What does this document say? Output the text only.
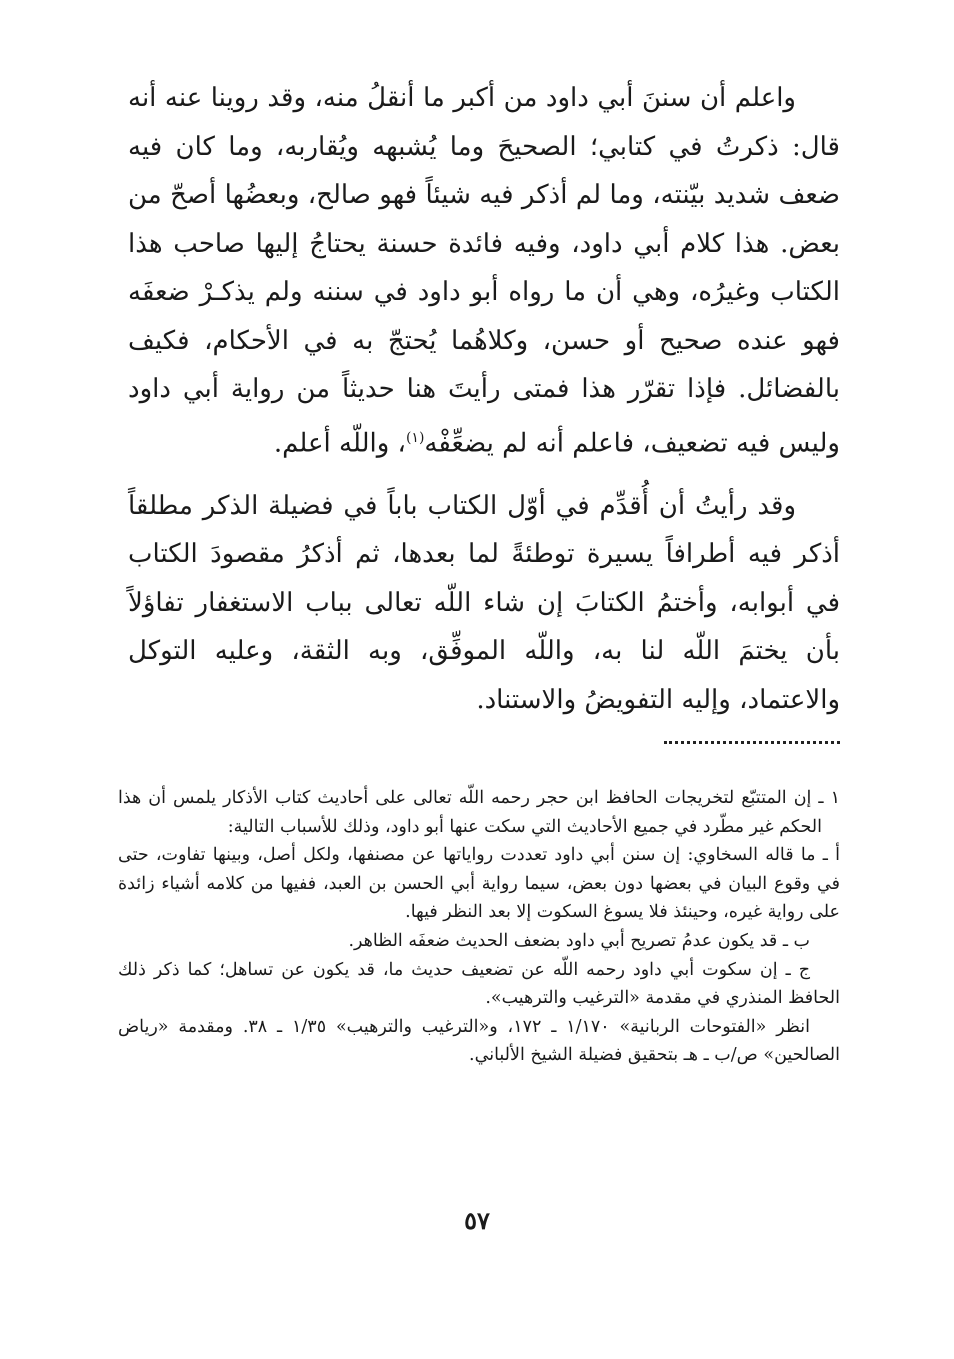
واعلم أن سننَ أبي داود من أكبر ما أنقلُ منه، وقد روينا عنه أنه قال: ذكرتُ في كتابي؛ الصحيحَ وما يُشبهه ويُقاربه، وما كان فيه ضعف شديد بيّنته، وما لم أذكر فيه شيئاً فهو صالح، وبعضُها أصحّ من بعض. هذا كلام أبي داود، وفيه فائدة حسنة يحتاجُ إليها صاحب هذا الكتاب وغيرُه، وهي أن ما رواه أبو داود في سننه ولم يذكـرْ ضعفَه فهو عنده صحيح أو حسن، وكلاهُما يُحتجّ به في الأحكام، فكيف بالفضائل. فإذا تقرّر هذا فمتى رأيتَ هنا حديثاً من رواية أبي داود وليس فيه تضعيف، فاعلم أنه لم يضعِّفْه$^{(١)}$، واللّه أعلم.

وقد رأيتُ أن أُقدِّم في أوّل الكتاب باباً في فضيلة الذكر مطلقاً أذكر فيه أطرافاً يسيرة توطئةً لما بعدها، ثم أذكرُ مقصودَ الكتاب في أبوابه، وأختمُ الكتابَ إن شاء اللّه تعالى بباب الاستغفار تفاؤلاً بأن يختمَ اللّه لنا به، واللّه الموفِّق، وبه الثقة، وعليه التوكل والاعتماد، وإليه التفويضُ والاستناد.

١ ـ إن المتتبّع لتخريجات الحافظ ابن حجر رحمه اللّه تعالى على أحاديث كتاب الأذكار يلمس أن هذا الحكم غير مطّرد في جميع الأحاديث التي سكت عنها أبو داود، وذلك للأسباب التالية:

أ ـ ما قاله السخاوي: إن سنن أبي داود تعددت رواياتها عن مصنفها، ولكل أصل، وبينها تفاوت، حتى في وقوع البيان في بعضها دون بعض، سيما رواية أبي الحسن بن العبد، ففيها من كلامه أشياء زائدة على رواية غيره، وحينئذ فلا يسوغ السكوت إلا بعد النظر فيها.

ب ـ قد يكون عدمُ تصريح أبي داود بضعف الحديث ضعفَه الظاهر.

ج ـ إن سكوت أبي داود رحمه اللّه عن تضعيف حديث ما، قد يكون عن تساهل؛ كما ذكر ذلك الحافظ المنذري في مقدمة «الترغيب والترهيب».

انظر «الفتوحات الربانية» ١/١٧٠ ـ ١٧٢، و«الترغيب والترهيب» ١/٣٥ ـ ٣٨. ومقدمة «رياض الصالحين» ص/ب ـ هـ بتحقيق فضيلة الشيخ الألباني.

٥٧
